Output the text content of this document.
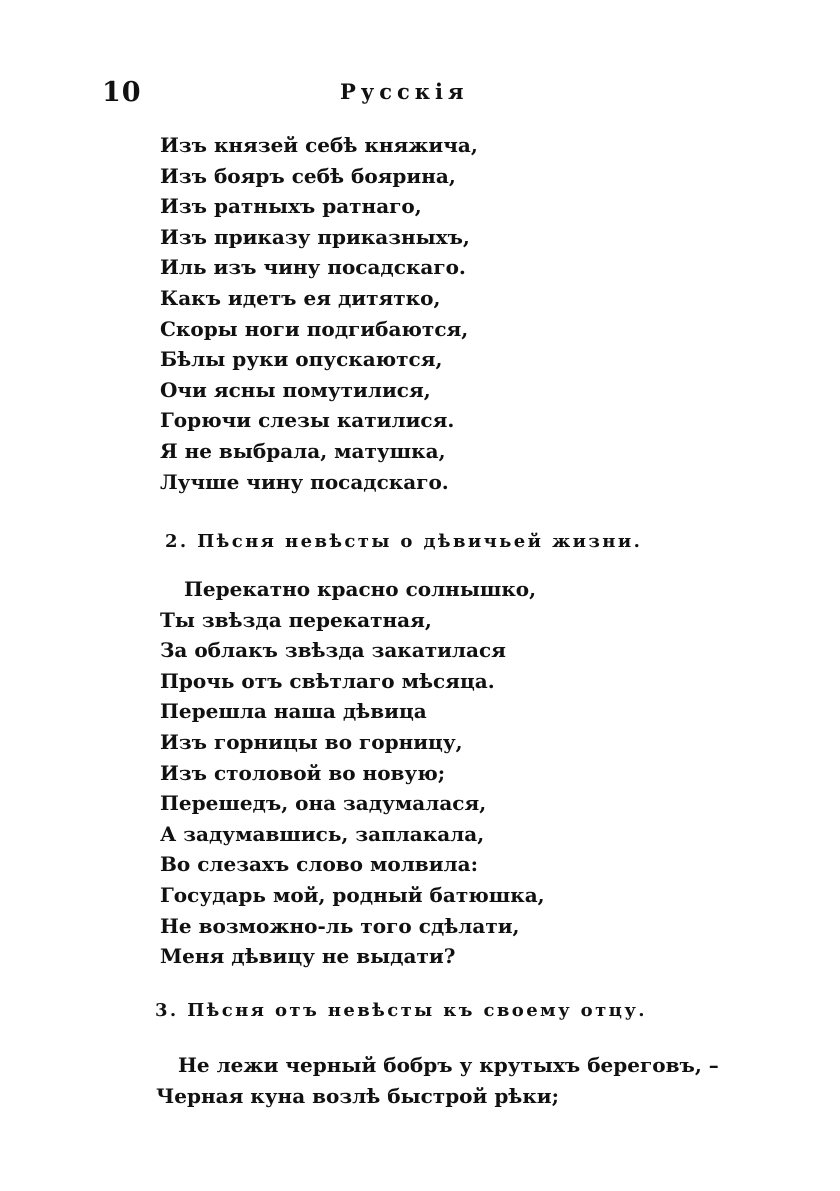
10	Русскія
Изъ князей себѣ княжича,
Изъ бояръ себѣ боярина,
Изъ ратныхъ ратнаго,
Изъ приказу приказныхъ,
Иль изъ чину посадскаго.
Какъ идетъ ея дитятко,
Скоры ноги подгибаются,
Бѣлы руки опускаются,
Очи ясны помутилися,
Горючи слезы катилися.
Я не выбрала, матушка,
Лучше чину посадскаго.
2. Пѣсня невѣсты о дѣвичьей жизни.
Перекатно красно солнышко,
Ты звѣзда перекатная,
За облакъ звѣзда закатилася
Прочь отъ свѣтлаго мѣсяца.
Перешла наша дѣвица
Изъ горницы во горницу,
Изъ столовой во новую;
Перешедъ, она задумалася,
А задумавшись, заплакала,
Во слезахъ слово молвила:
Государь мой, родный батюшка,
Не возможно-ль того сдѣлати,
Меня дѣвицу не выдати?
3. Пѣсня отъ невѣсты къ своему отцу.
Не лежи черный бобръ у крутыхъ береговъ, –
Черная куна возлѣ быстрой рѣки;
